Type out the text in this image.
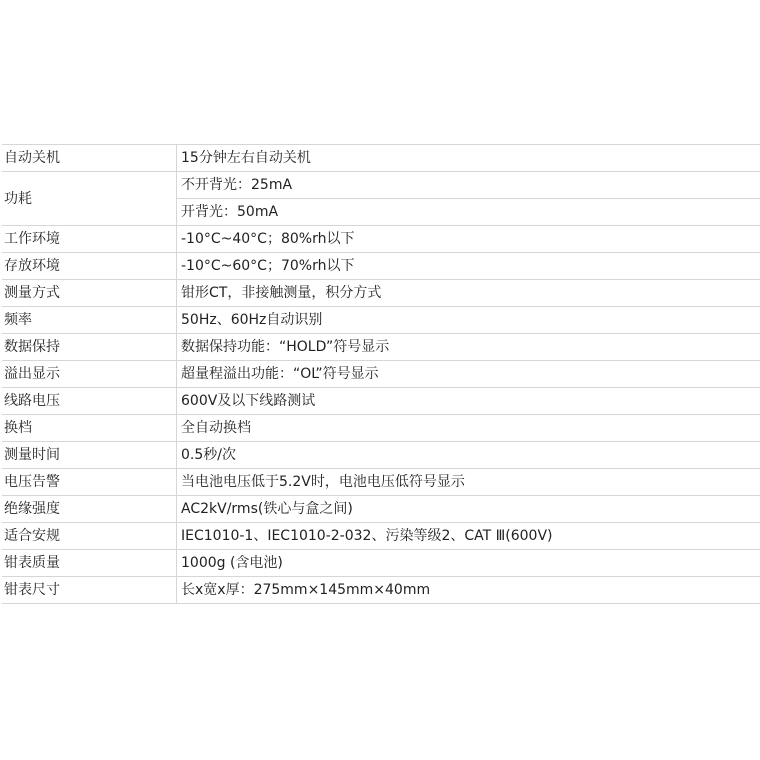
自动关机	15分钟左右自动关机
功耗	不开背光：25mA
	开背光：50mA
工作环境	-10°C~40°C；80%rh以下
存放环境	-10°C~60°C；70%rh以下
测量方式	钳形CT，非接触测量，积分方式
频率	50Hz、60Hz自动识别
数据保持	数据保持功能：“HOLD”符号显示
溢出显示	超量程溢出功能：“OL”符号显示
线路电压	600V及以下线路测试
换档	全自动换档
测量时间	0.5秒/次
电压告警	当电池电压低于5.2V时，电池电压低符号显示
绝缘强度	AC2kV/rms(铁心与盒之间)
适合安规	IEC1010-1、IEC1010-2-032、污染等级2、CAT Ⅲ(600V)
钳表质量	1000g (含电池)
钳表尺寸	长x宽x厚：275mm×145mm×40mm
